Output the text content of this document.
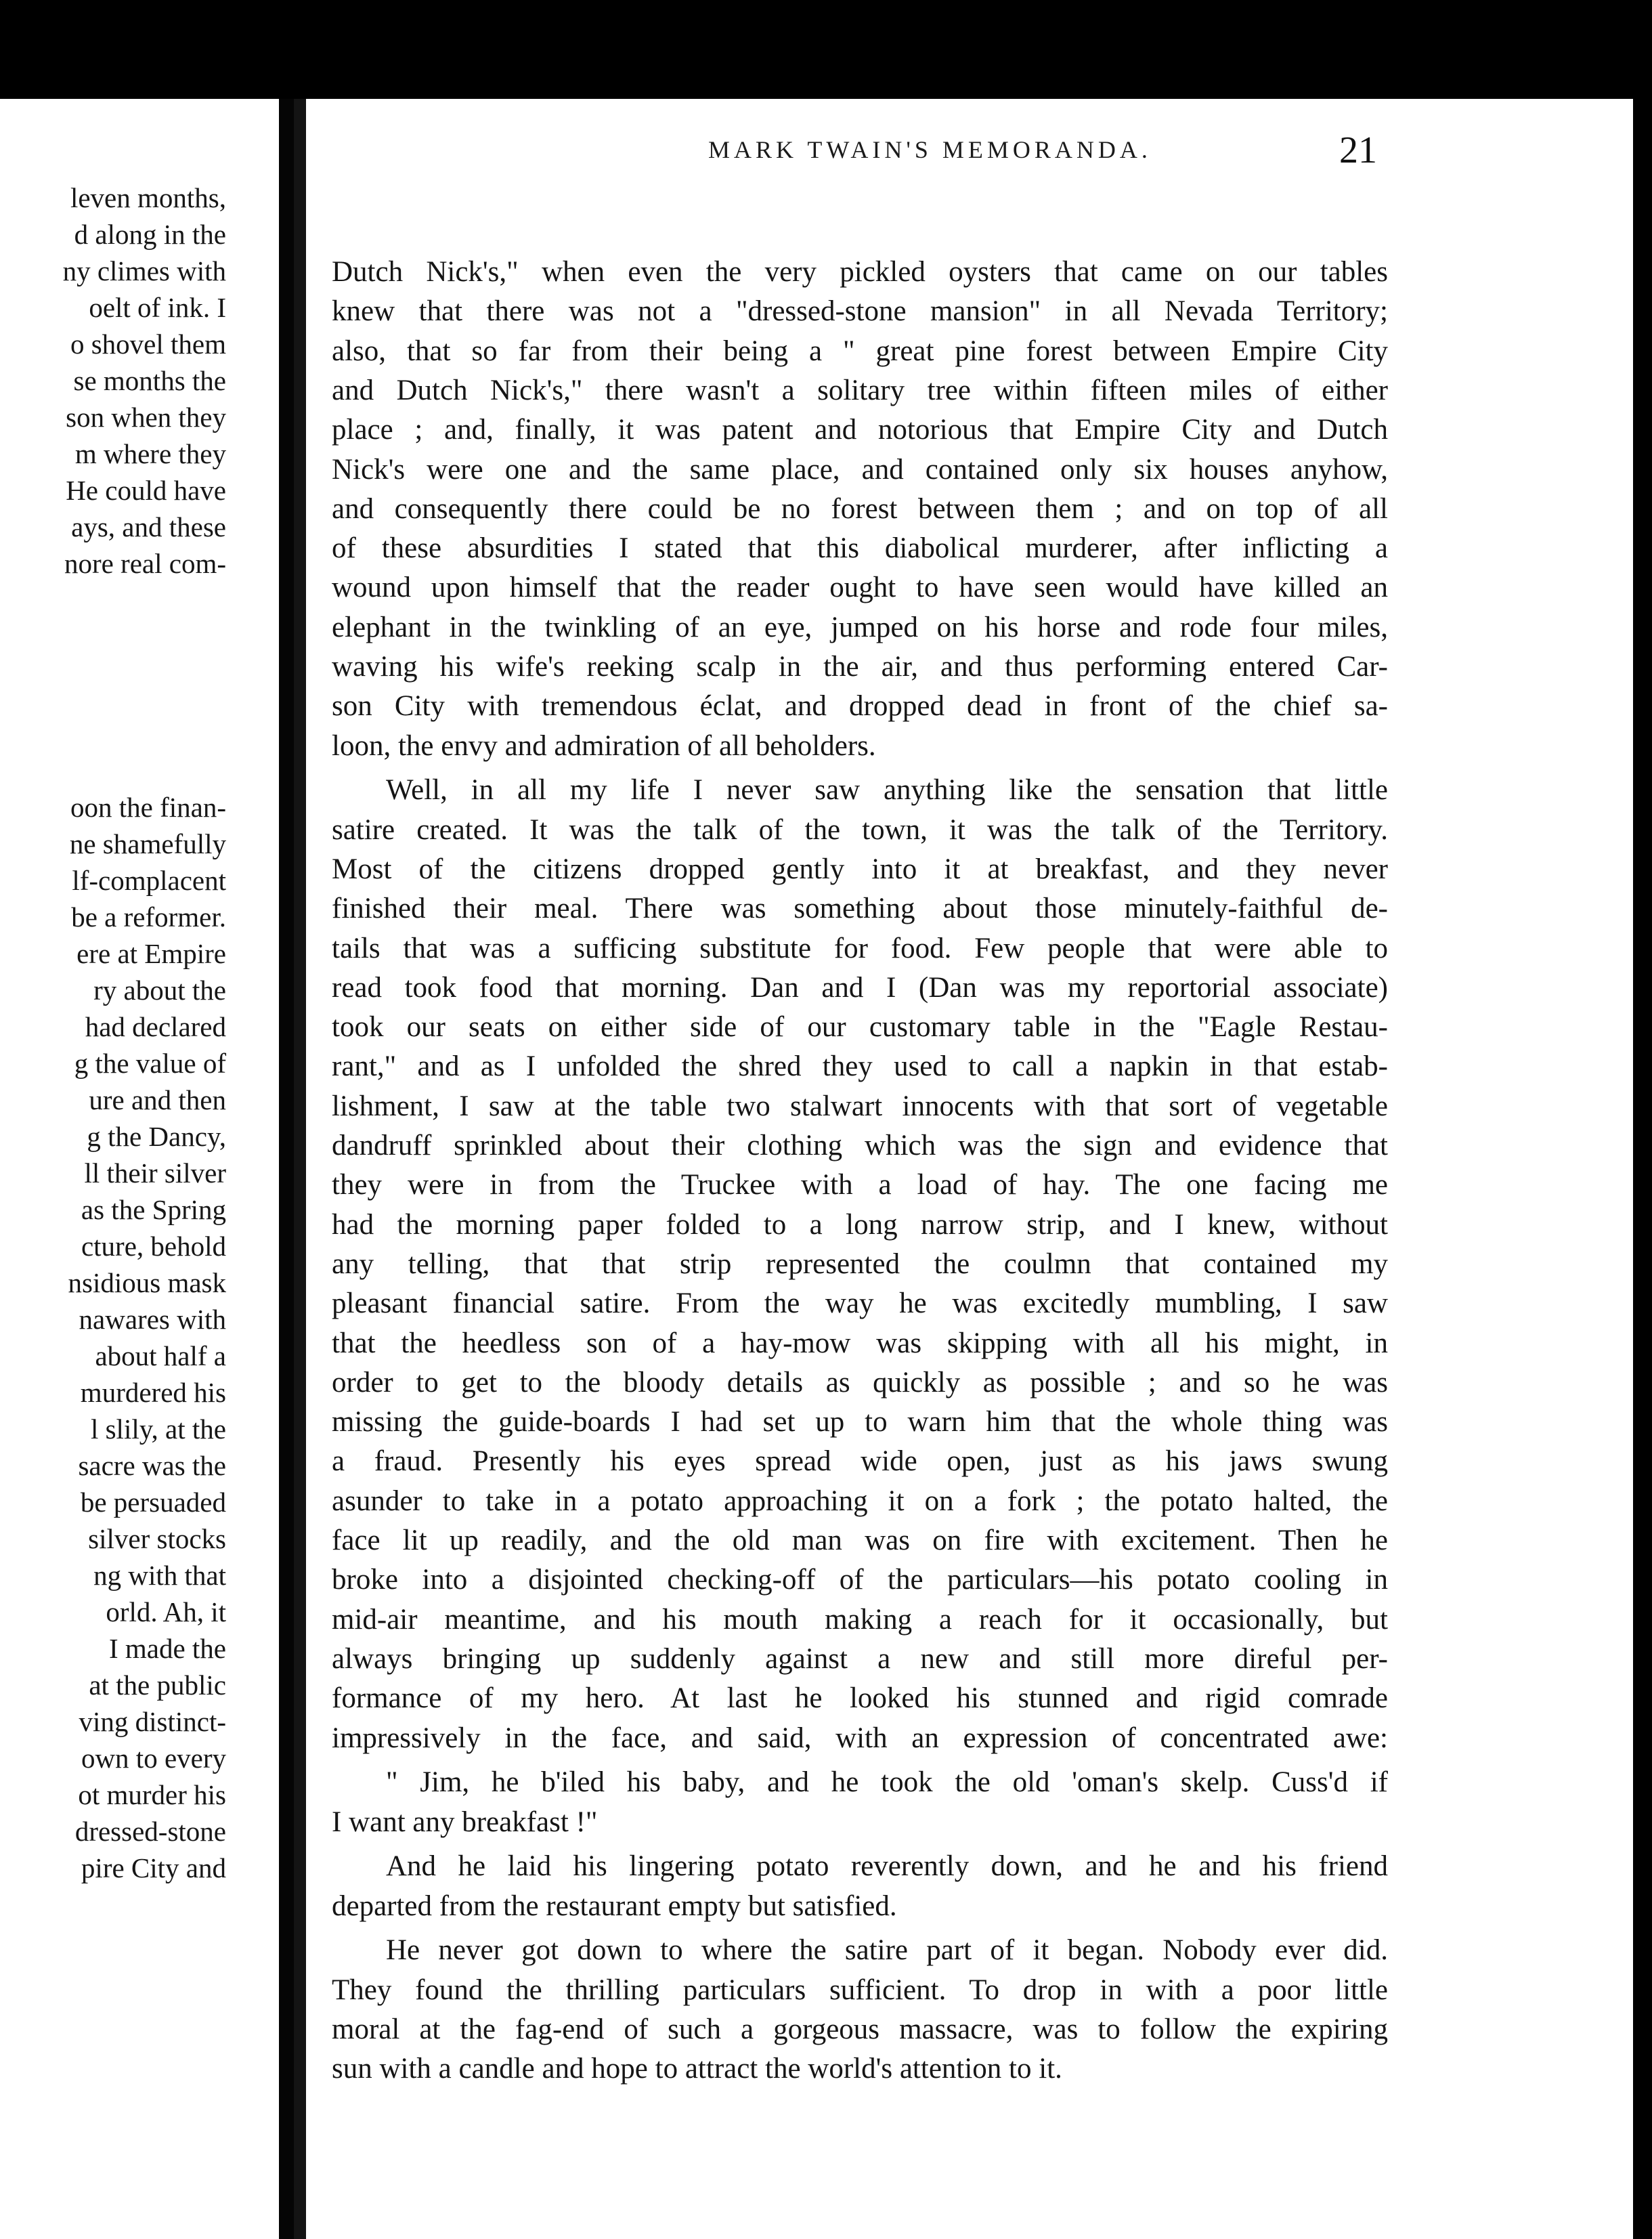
leven months,
d along in the
ny climes with
oelt of ink. I
o shovel them
se months the
son when they
m where they
He could have
ays, and these
nore real com-
oon the finan-
ne shamefully
lf-complacent
be a reformer.
ere at Empire
ry about the
had declared
g the value of
ure and then
g the Dancy,
ll their silver
as the Spring
cture, behold
nsidious mask
nawares with
about half a
murdered his
l slily, at the
sacre was the
be persuaded
silver stocks
ng with that
orld. Ah, it
I made the
at the public
ving distinct-
own to every
ot murder his
dressed-stone
pire City and
MARK TWAIN'S MEMORANDA.	21
Dutch Nick's," when even the very pickled oysters that came on our tables
knew that there was not a "dressed-stone mansion" in all Nevada Territory;
also, that so far from their being a " great pine forest between Empire City
and Dutch Nick's," there wasn't a solitary tree within fifteen miles of either
place ; and, finally, it was patent and notorious that Empire City and Dutch
Nick's were one and the same place, and contained only six houses anyhow,
and consequently there could be no forest between them ; and on top of all
of these absurdities I stated that this diabolical murderer, after inflicting a
wound upon himself that the reader ought to have seen would have killed an
elephant in the twinkling of an eye, jumped on his horse and rode four miles,
waving his wife's reeking scalp in the air, and thus performing entered Car-
son City with tremendous éclat, and dropped dead in front of the chief sa-
loon, the envy and admiration of all beholders.
Well, in all my life I never saw anything like the sensation that little
satire created. It was the talk of the town, it was the talk of the Territory.
Most of the citizens dropped gently into it at breakfast, and they never
finished their meal. There was something about those minutely-faithful de-
tails that was a sufficing substitute for food. Few people that were able to
read took food that morning. Dan and I (Dan was my reportorial associate)
took our seats on either side of our customary table in the "Eagle Restau-
rant," and as I unfolded the shred they used to call a napkin in that estab-
lishment, I saw at the table two stalwart innocents with that sort of vegetable
dandruff sprinkled about their clothing which was the sign and evidence that
they were in from the Truckee with a load of hay. The one facing me
had the morning paper folded to a long narrow strip, and I knew, without
any telling, that that strip represented the coulmn that contained my
pleasant financial satire. From the way he was excitedly mumbling, I saw
that the heedless son of a hay-mow was skipping with all his might, in
order to get to the bloody details as quickly as possible ; and so he was
missing the guide-boards I had set up to warn him that the whole thing was
a fraud. Presently his eyes spread wide open, just as his jaws swung
asunder to take in a potato approaching it on a fork ; the potato halted, the
face lit up readily, and the old man was on fire with excitement. Then he
broke into a disjointed checking-off of the particulars—his potato cooling in
mid-air meantime, and his mouth making a reach for it occasionally, but
always bringing up suddenly against a new and still more direful per-
formance of my hero. At last he looked his stunned and rigid comrade
impressively in the face, and said, with an expression of concentrated awe:
" Jim, he b'iled his baby, and he took the old 'oman's skelp. Cuss'd if
I want any breakfast !"
And he laid his lingering potato reverently down, and he and his friend
departed from the restaurant empty but satisfied.
He never got down to where the satire part of it began. Nobody ever did.
They found the thrilling particulars sufficient. To drop in with a poor little
moral at the fag-end of such a gorgeous massacre, was to follow the expiring
sun with a candle and hope to attract the world's attention to it.
